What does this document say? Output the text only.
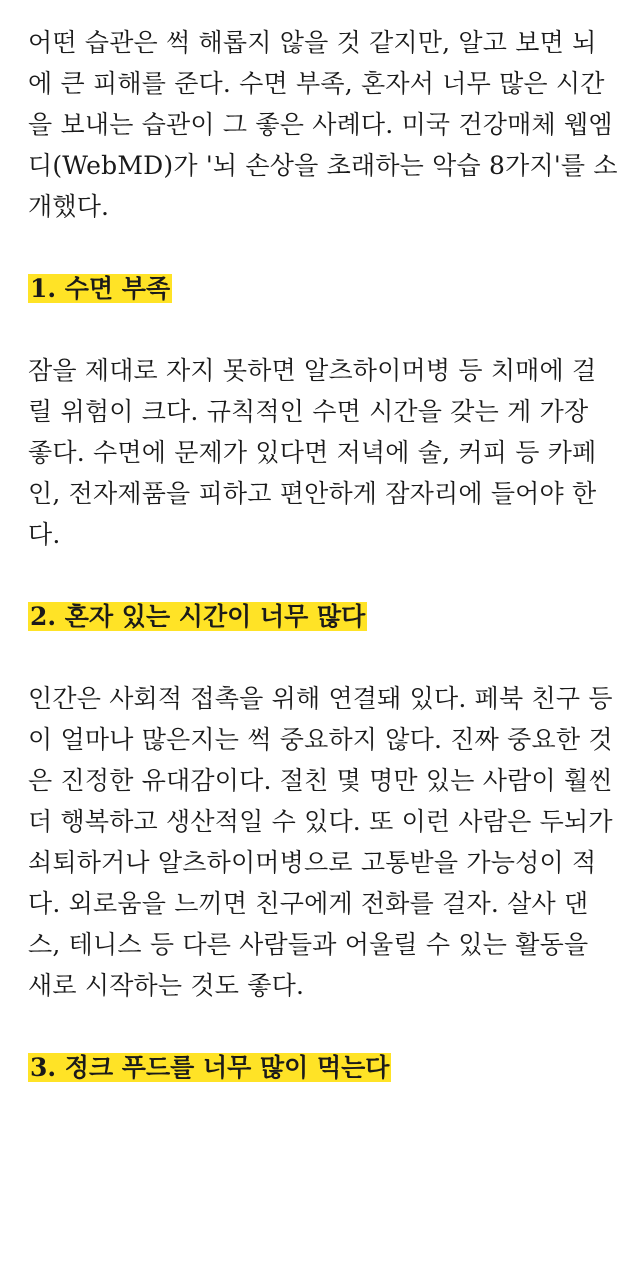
어떤 습관은 썩 해롭지 않을 것 같지만, 알고 보면 뇌에 큰 피해를 준다. 수면 부족, 혼자서 너무 많은 시간을 보내는 습관이 그 좋은 사례다. 미국 건강매체 웹엠디(WebMD)가 '뇌 손상을 초래하는 악습 8가지'를 소개했다.

1. 수면 부족

잠을 제대로 자지 못하면 알츠하이머병 등 치매에 걸릴 위험이 크다. 규칙적인 수면 시간을 갖는 게 가장 좋다. 수면에 문제가 있다면 저녁에 술, 커피 등 카페인, 전자제품을 피하고 편안하게 잠자리에 들어야 한다.

2. 혼자 있는 시간이 너무 많다

인간은 사회적 접촉을 위해 연결돼 있다. 페북 친구 등이 얼마나 많은지는 썩 중요하지 않다. 진짜 중요한 것은 진정한 유대감이다. 절친 몇 명만 있는 사람이 훨씬 더 행복하고 생산적일 수 있다. 또 이런 사람은 두뇌가 쇠퇴하거나 알츠하이머병으로 고통받을 가능성이 적다. 외로움을 느끼면 친구에게 전화를 걸자. 살사 댄스, 테니스 등 다른 사람들과 어울릴 수 있는 활동을 새로 시작하는 것도 좋다.

3. 정크 푸드를 너무 많이 먹는다
